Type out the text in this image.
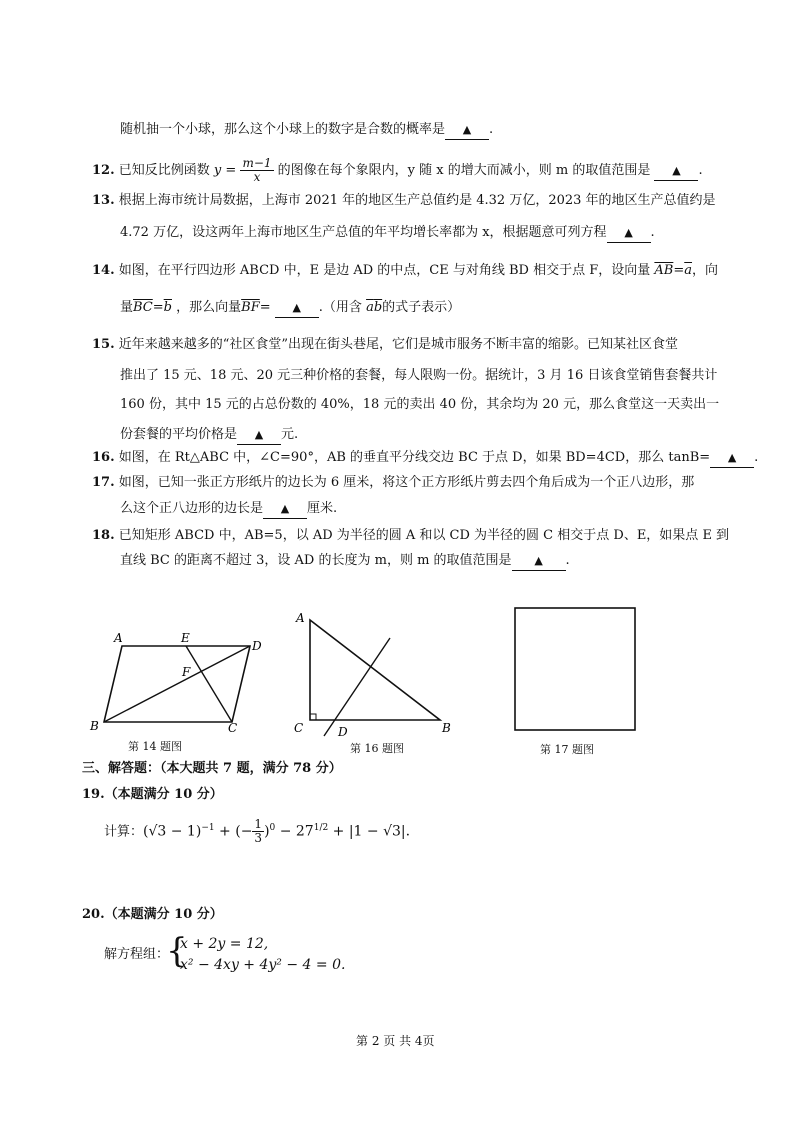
随机抽一个小球，那么这个小球上的数字是合数的概率是 ▲ .
12. 已知反比例函数 $y = \frac{m-1}{x}$ 的图像在每个象限内，y 随 x 的增大而减小，则 m 的取值范围是 ▲ .
13. 根据上海市统计局数据，上海市 2021 年的地区生产总值约是 4.32 万亿，2023 年的地区生产总值约是
4.72 万亿，设这两年上海市地区生产总值的年平均增长率都为 x，根据题意可列方程 ▲ .
14. 如图，在平行四边形 ABCD 中，E 是边 AD 的中点，CE 与对角线 BD 相交于点 F，设向量 $\overline{AB}=\overline{a}$，向
量$\overline{BC}=\overline{b}$ ，那么向量$\overline{BF}=$ ▲ .（用含 $\overline{a}\overline{b}$的式子表示）
15. 近年来越来越多的“社区食堂”出现在街头巷尾，它们是城市服务不断丰富的缩影。已知某社区食堂
推出了 15 元、18 元、20 元三种价格的套餐，每人限购一份。据统计，3 月 16 日该食堂销售套餐共计
160 份，其中 15 元的占总份数的 40%，18 元的卖出 40 份，其余均为 20 元，那么食堂这一天卖出一
份套餐的平均价格是 ▲ 元.
16. 如图，在 Rt△ABC 中，∠C=90°，AB 的垂直平分线交边 BC 于点 D，如果 BD=4CD，那么 tanB= ▲ .
17. 如图，已知一张正方形纸片的边长为 6 厘米，将这个正方形纸片剪去四个角后成为一个正八边形，那
么这个正八边形的边长是 ▲ 厘米.
18. 已知矩形 ABCD 中，AB=5，以 AD 为半径的圆 A 和以 CD 为半径的圆 C 相交于点 D、E，如果点 E 到
直线 BC 的距离不超过 3，设 AD 的长度为 m，则 m 的取值范围是 ▲ .
A	E
D
F
B	C
第 14 题图
A
C	D	B
第 16 题图	第 17 题图
三、解答题：（本大题共 7 题，满分 78 分）
19.（本题满分 10 分）
计算：$(√3 - 1)^{-1}$ + (− $\frac{1}{3} )^0 - 27^{1/2} + |1 - √3|$.
20.（本题满分 10 分）
解方程组：
{
x + 2y = 12,
x² − 4xy + 4y² − 4 = 0.
第 2 页 共 4页
